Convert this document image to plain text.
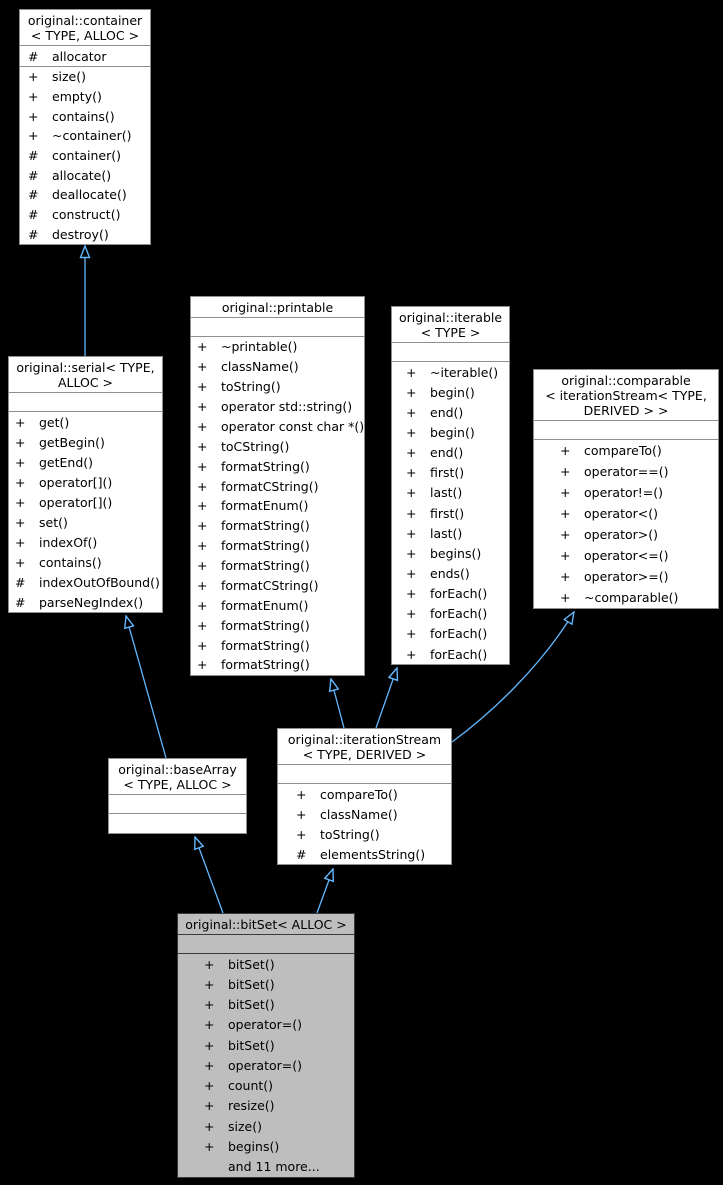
original::container
< TYPE, ALLOC >
#	allocator
+	size()
+	empty()
+	contains()
+	~container()
#	container()
#	allocate()
#	deallocate()
#	construct()
#	destroy()
original::serial< TYPE,
ALLOC >
+	get()
+	getBegin()
+	getEnd()
+	operator[]()
+	operator[]()
+	set()
+	indexOf()
+	contains()
#	indexOutOfBound()
#	parseNegIndex()
original::printable
+	~printable()
+	className()
+	toString()
+	operator std::string()
+	operator const char *()
+	toCString()
+	formatString()
+	formatCString()
+	formatEnum()
+	formatString()
+	formatString()
+	formatString()
+	formatCString()
+	formatEnum()
+	formatString()
+	formatString()
+	formatString()
original::iterable
< TYPE >
+	~iterable()
+	begin()
+	end()
+	begin()
+	end()
+	first()
+	last()
+	first()
+	last()
+	begins()
+	ends()
+	forEach()
+	forEach()
+	forEach()
+	forEach()
original::comparable
< iterationStream< TYPE,
DERIVED > >
+	compareTo()
+	operator==()
+	operator!=()
+	operator<()
+	operator>()
+	operator<=()
+	operator>=()
+	~comparable()
original::baseArray
< TYPE, ALLOC >
original::iterationStream
< TYPE, DERIVED >
+	compareTo()
+	className()
+	toString()
#	elementsString()
original::bitSet< ALLOC >
+	bitSet()
+	bitSet()
+	bitSet()
+	operator=()
+	bitSet()
+	operator=()
+	count()
+	resize()
+	size()
+	begins()
and 11 more...
